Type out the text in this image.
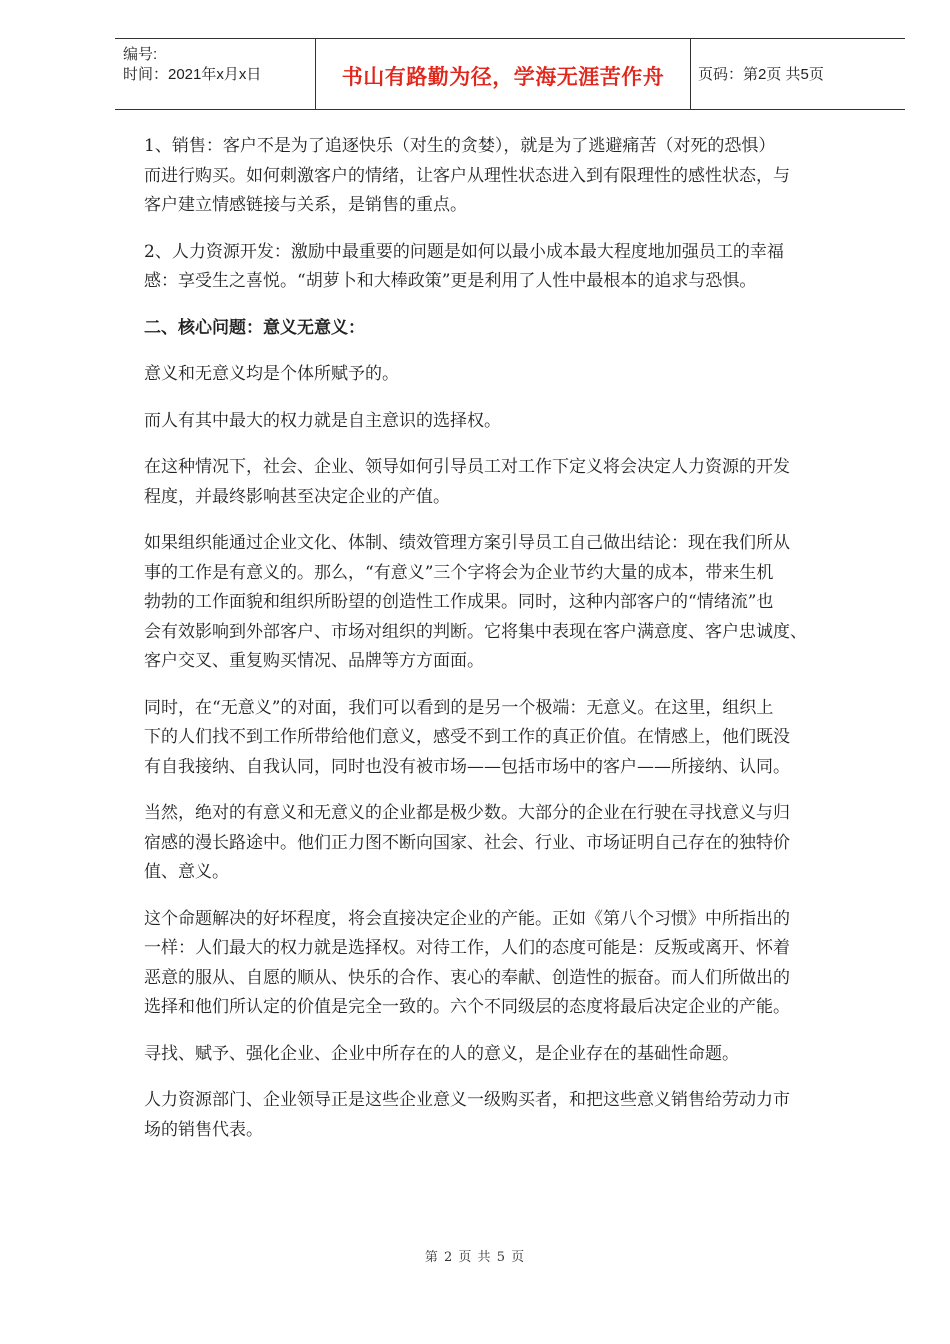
编号:
时间：2021年x月x日	书山有路勤为径，学海无涯苦作舟	页码：第2页 共5页

1、销售：客户不是为了追逐快乐（对生的贪婪），就是为了逃避痛苦（对死的恐惧）
而进行购买。如何刺激客户的情绪，让客户从理性状态进入到有限理性的感性状态，与
客户建立情感链接与关系，是销售的重点。

2、人力资源开发：激励中最重要的问题是如何以最小成本最大程度地加强员工的幸福
感：享受生之喜悦。“胡萝卜和大棒政策”更是利用了人性中最根本的追求与恐惧。

二、核心问题：意义无意义：

意义和无意义均是个体所赋予的。

而人有其中最大的权力就是自主意识的选择权。

在这种情况下，社会、企业、领导如何引导员工对工作下定义将会决定人力资源的开发
程度，并最终影响甚至决定企业的产值。

如果组织能通过企业文化、体制、绩效管理方案引导员工自己做出结论：现在我们所从
事的工作是有意义的。那么，“有意义”三个字将会为企业节约大量的成本，带来生机
勃勃的工作面貌和组织所盼望的创造性工作成果。同时，这种内部客户的“情绪流”也
会有效影响到外部客户、市场对组织的判断。它将集中表现在客户满意度、客户忠诚度、
客户交叉、重复购买情况、品牌等方方面面。

同时，在“无意义”的对面，我们可以看到的是另一个极端：无意义。在这里，组织上
下的人们找不到工作所带给他们意义，感受不到工作的真正价值。在情感上，他们既没
有自我接纳、自我认同，同时也没有被市场——包括市场中的客户——所接纳、认同。

当然，绝对的有意义和无意义的企业都是极少数。大部分的企业在行驶在寻找意义与归
宿感的漫长路途中。他们正力图不断向国家、社会、行业、市场证明自己存在的独特价
值、意义。

这个命题解决的好坏程度，将会直接决定企业的产能。正如《第八个习惯》中所指出的
一样：人们最大的权力就是选择权。对待工作，人们的态度可能是：反叛或离开、怀着
恶意的服从、自愿的顺从、快乐的合作、衷心的奉献、创造性的振奋。而人们所做出的
选择和他们所认定的价值是完全一致的。六个不同级层的态度将最后决定企业的产能。

寻找、赋予、强化企业、企业中所存在的人的意义，是企业存在的基础性命题。

人力资源部门、企业领导正是这些企业意义一级购买者，和把这些意义销售给劳动力市
场的销售代表。

第 2 页 共 5 页
